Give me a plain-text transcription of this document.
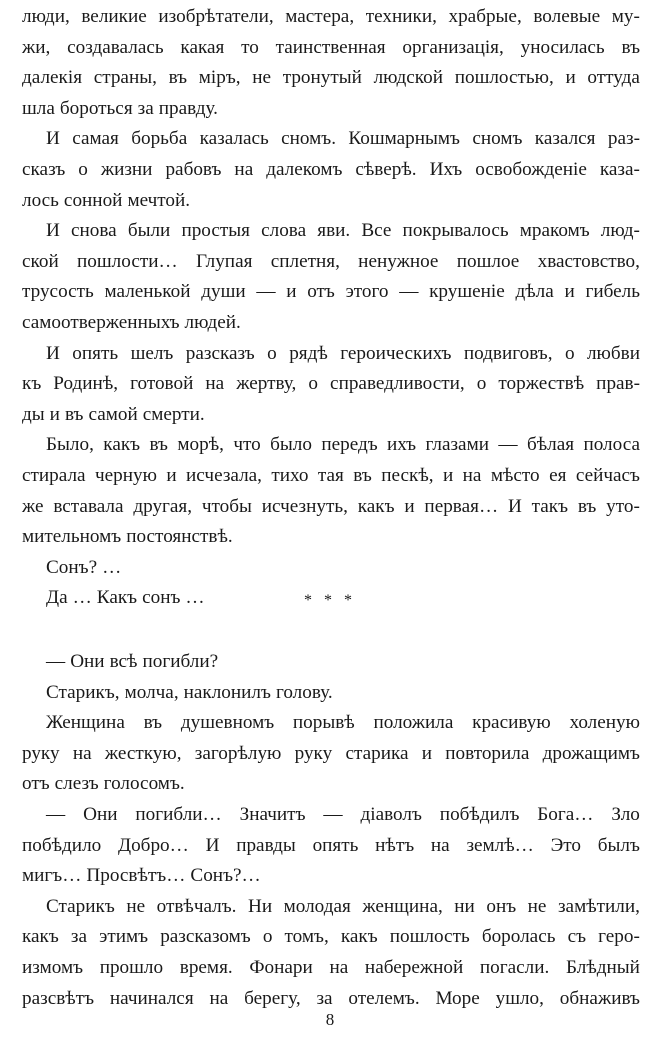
люди, великие изобрѣтатели, мастера, техники, храбрые, волевые му-
жи, создавалась какая то таинственная организацiя, уносилась въ
далекiя страны, въ мiръ, не тронутый людской пошлостью, и оттуда
шла бороться за правду.
И самая борьба казалась сномъ. Кошмарнымъ сномъ казался раз-
сказъ о жизни рабовъ на далекомъ сѣверѣ. Ихъ освобожденiе каза-
лось сонной мечтой.
И снова были простыя слова яви. Все покрывалось мракомъ люд-
ской пошлости… Глупая сплетня, ненужное пошлое хвастовство,
трусость маленькой души — и отъ этого — крушенiе дѣла и гибель
самоотверженныхъ людей.
И опять шелъ разсказъ о рядѣ героическихъ подвиговъ, о любви
къ Родинѣ, готовой на жертву, о справедливости, о торжествѣ прав-
ды и въ самой смерти.
Было, какъ въ морѣ, что было передъ ихъ глазами — бѣлая полоса
стирала черную и исчезала, тихо тая въ пескѣ, и на мѣсто ея сейчасъ
же вставала другая, чтобы исчезнуть, какъ и первая… И такъ въ уто-
мительномъ постоянствѣ.
Сонъ? …
Да … Какъ сонъ …	* * *
— Они всѣ погибли?
Старикъ, молча, наклонилъ голову.
Женщина въ душевномъ порывѣ положила красивую холеную
руку на жесткую, загорѣлую руку старика и повторила дрожащимъ
отъ слезъ голосомъ.
— Они погибли… Значитъ — дiаволъ побѣдилъ Бога… Зло
побѣдило Добро… И правды опять нѣтъ на землѣ… Это былъ
мигъ… Просвѣтъ… Сонъ?…
Старикъ не отвѣчалъ. Ни молодая женщина, ни онъ не замѣтили,
какъ за этимъ разсказомъ о томъ, какъ пошлость боролась съ геро-
измомъ прошло время. Фонари на набережной погасли. Блѣдный
разсвѣтъ начинался на берегу, за отелемъ. Море ушло, обнаживъ
8
